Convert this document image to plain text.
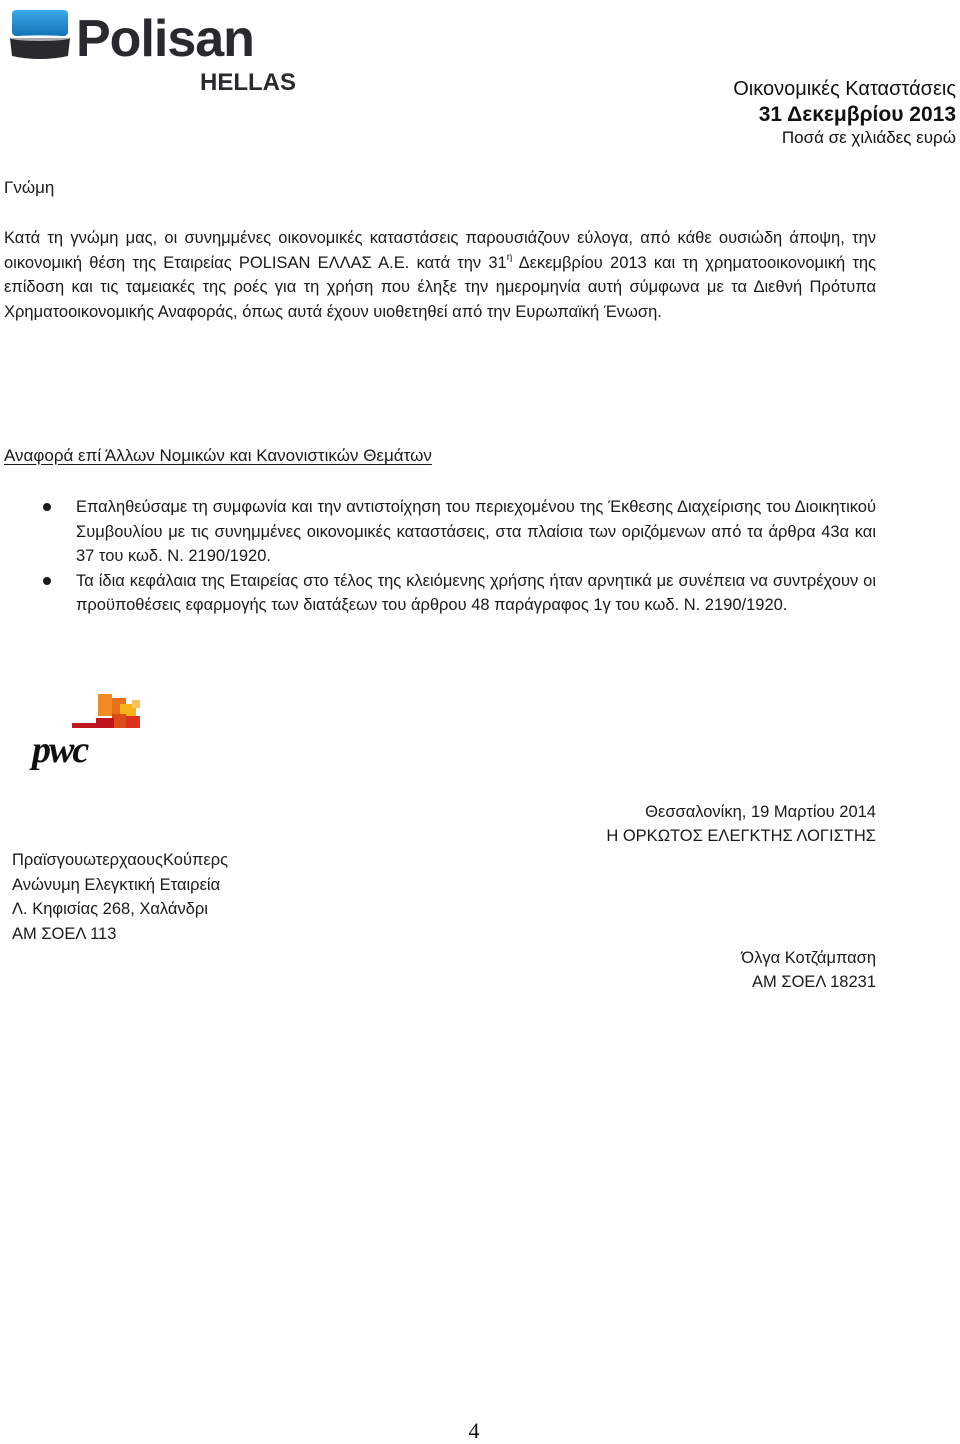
Polisan
HELLAS	Οικονομικές Καταστάσεις
31 Δεκεμβρίου 2013
Ποσά σε χιλιάδες ευρώ
Γνώμη
Κατά τη γνώμη μας, οι συνημμένες οικονομικές καταστάσεις παρουσιάζουν εύλογα, από κάθε ουσιώδη άποψη, την οικονομική θέση της Εταιρείας POLISAN ΕΛΛΑΣ Α.Ε. κατά την $31^\eta$ Δεκεμβρίου 2013 και τη χρηματοοικονομική της επίδοση και τις ταμειακές της ροές για τη χρήση που έληξε την ημερομηνία αυτή σύμφωνα με τα Διεθνή Πρότυπα Χρηματοοικονομικής Αναφοράς, όπως αυτά έχουν υιοθετηθεί από την Ευρωπαϊκή Ένωση.
Αναφορά επί Άλλων Νομικών και Κανονιστικών Θεμάτων
Επαληθεύσαμε τη συμφωνία και την αντιστοίχηση του περιεχομένου της Έκθεσης Διαχείρισης του Διοικητικού Συμβουλίου με τις συνημμένες οικονομικές καταστάσεις, στα πλαίσια των οριζόμενων από τα άρθρα 43α και 37 του κωδ. Ν. 2190/1920.
Τα ίδια κεφάλαια της Εταιρείας στο τέλος της κλειόμενης χρήσης ήταν αρνητικά με συνέπεια να συντρέχουν οι προϋποθέσεις εφαρμογής των διατάξεων του άρθρου 48 παράγραφος 1γ του κωδ. Ν. 2190/1920.
pwc
Θεσσαλονίκη, 19 Μαρτίου 2014
Η ΟΡΚΩΤΟΣ ΕΛΕΓΚΤΗΣ ΛΟΓΙΣΤΗΣ
ΠραϊσγουωτερχαουςΚούπερς
Ανώνυμη Ελεγκτική Εταιρεία
Λ. Κηφισίας 268, Χαλάνδρι
ΑΜ ΣΟΕΛ 113
Όλγα Κοτζάμπαση
ΑΜ ΣΟΕΛ 18231
4
